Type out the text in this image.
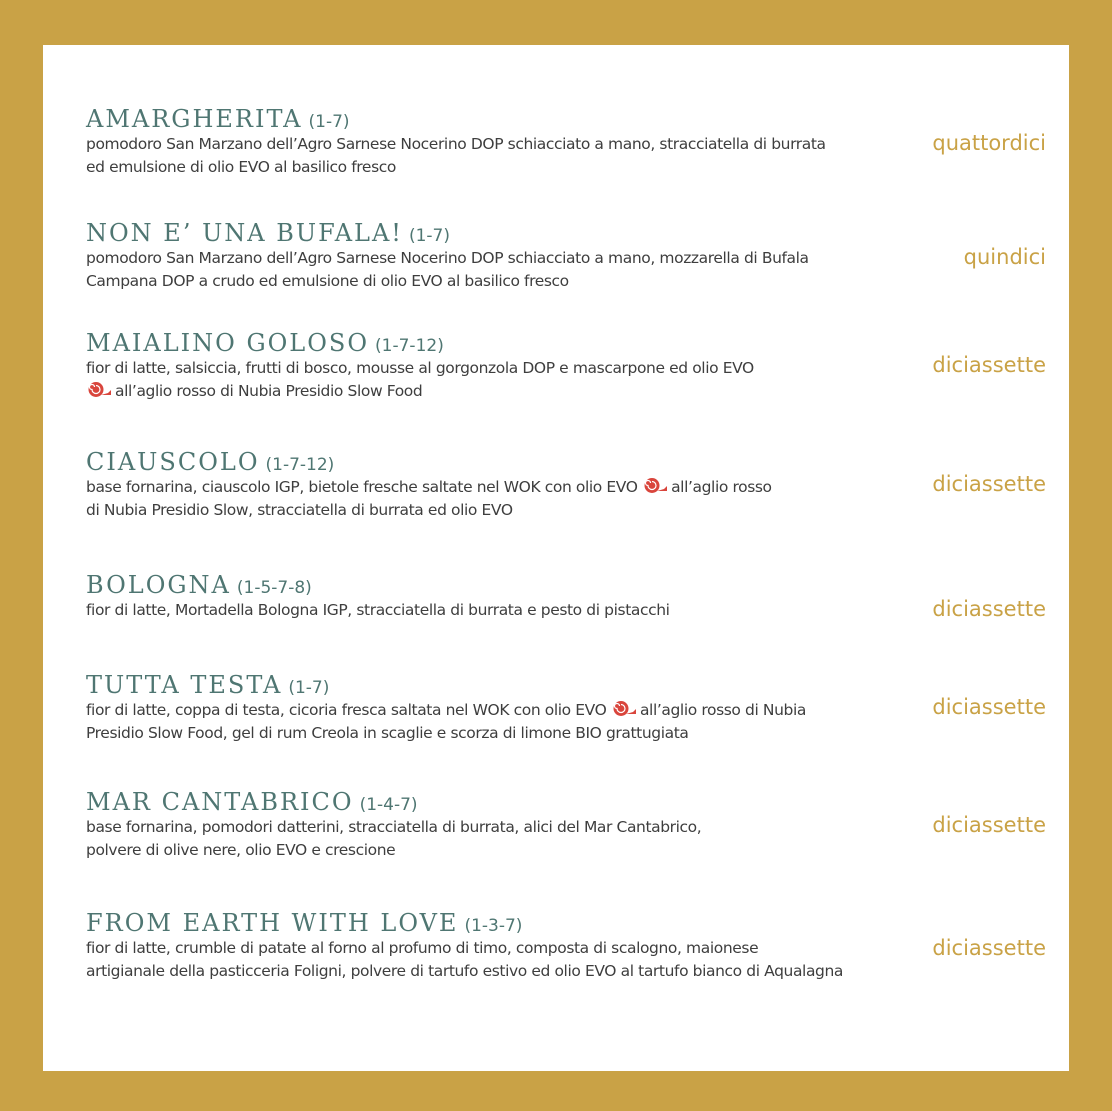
AMARGHERITA (1-7)
quattordici
pomodoro San Marzano dell’Agro Sarnese Nocerino DOP schiacciato a mano, stracciatella di burrata
ed emulsione di olio EVO al basilico fresco
NON E’ UNA BUFALA! (1-7)
quindici
pomodoro San Marzano dell’Agro Sarnese Nocerino DOP schiacciato a mano, mozzarella di Bufala
Campana DOP a crudo ed emulsione di olio EVO al basilico fresco
MAIALINO GOLOSO (1-7-12)
diciassette
fior di latte, salsiccia, frutti di bosco, mousse al gorgonzola DOP e mascarpone ed olio EVO
all’aglio rosso di Nubia Presidio Slow Food
CIAUSCOLO (1-7-12)
diciassette
base fornarina, ciauscolo IGP, bietole fresche saltate nel WOK con olio EVO all’aglio rosso
di Nubia Presidio Slow, stracciatella di burrata ed olio EVO
BOLOGNA (1-5-7-8)
diciassette
fior di latte, Mortadella Bologna IGP, stracciatella di burrata e pesto di pistacchi
TUTTA TESTA (1-7)
diciassette
fior di latte, coppa di testa, cicoria fresca saltata nel WOK con olio EVO all’aglio rosso di Nubia
Presidio Slow Food, gel di rum Creola in scaglie e scorza di limone BIO grattugiata
MAR CANTABRICO (1-4-7)
diciassette
base fornarina, pomodori datterini, stracciatella di burrata, alici del Mar Cantabrico,
polvere di olive nere, olio EVO e crescione
FROM EARTH WITH LOVE (1-3-7)
diciassette
fior di latte, crumble di patate al forno al profumo di timo, composta di scalogno, maionese
artigianale della pasticceria Foligni, polvere di tartufo estivo ed olio EVO al tartufo bianco di Aqualagna
